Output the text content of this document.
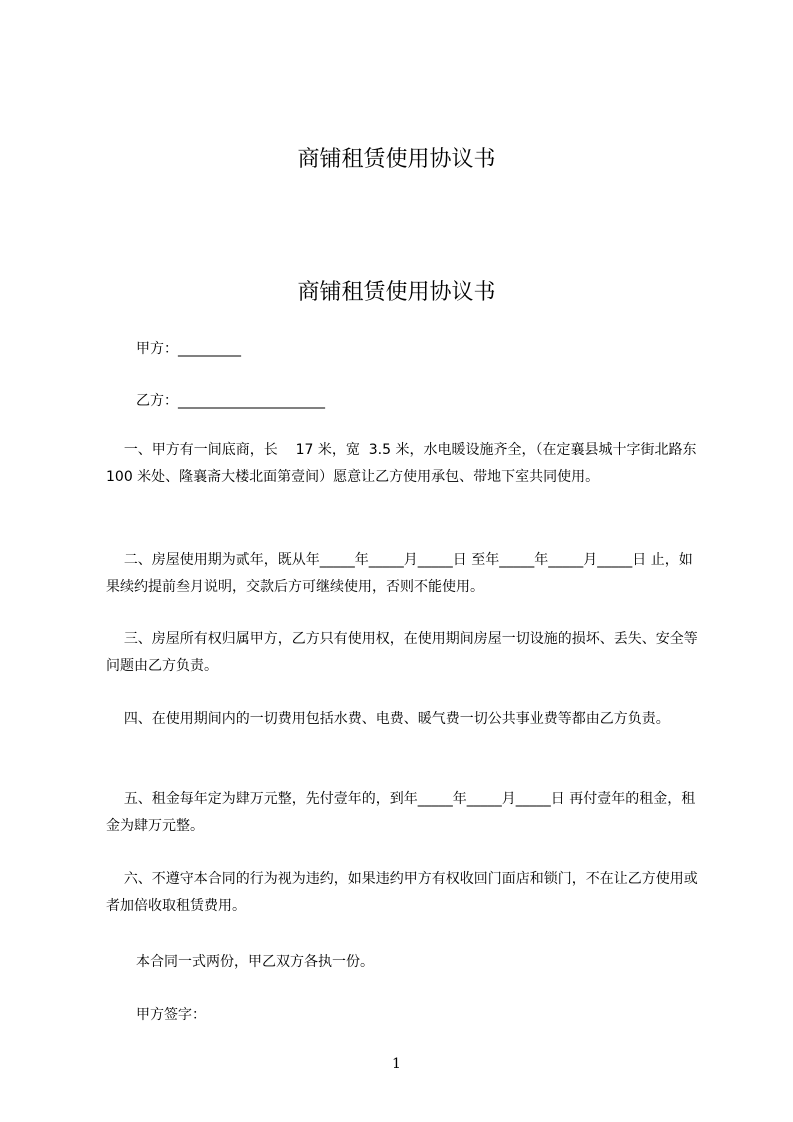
商铺租赁使用协议书
商铺租赁使用协议书

甲方：_________

乙方：_____________________

一、甲方有一间底商，长    17 米，宽  3.5 米，水电暖设施齐全，（在定襄县城十字街北路东 100 米处、隆襄斋大楼北面第壹间）愿意让乙方使用承包、带地下室共同使用。

二、房屋使用期为贰年，既从年_____年_____月_____日 至年_____年_____月_____日 止，如果续约提前叁月说明，交款后方可继续使用，否则不能使用。

三、房屋所有权归属甲方，乙方只有使用权，在使用期间房屋一切设施的损坏、丢失、安全等问题由乙方负责。

四、在使用期间内的一切费用包括水费、电费、暖气费一切公共事业费等都由乙方负责。

五、租金每年定为肆万元整，先付壹年的，到年_____年_____月_____日 再付壹年的租金，租金为肆万元整。

六、不遵守本合同的行为视为违约，如果违约甲方有权收回门面店和锁门，不在让乙方使用或者加倍收取租赁费用。

本合同一式两份，甲乙双方各执一份。

甲方签字：

1
